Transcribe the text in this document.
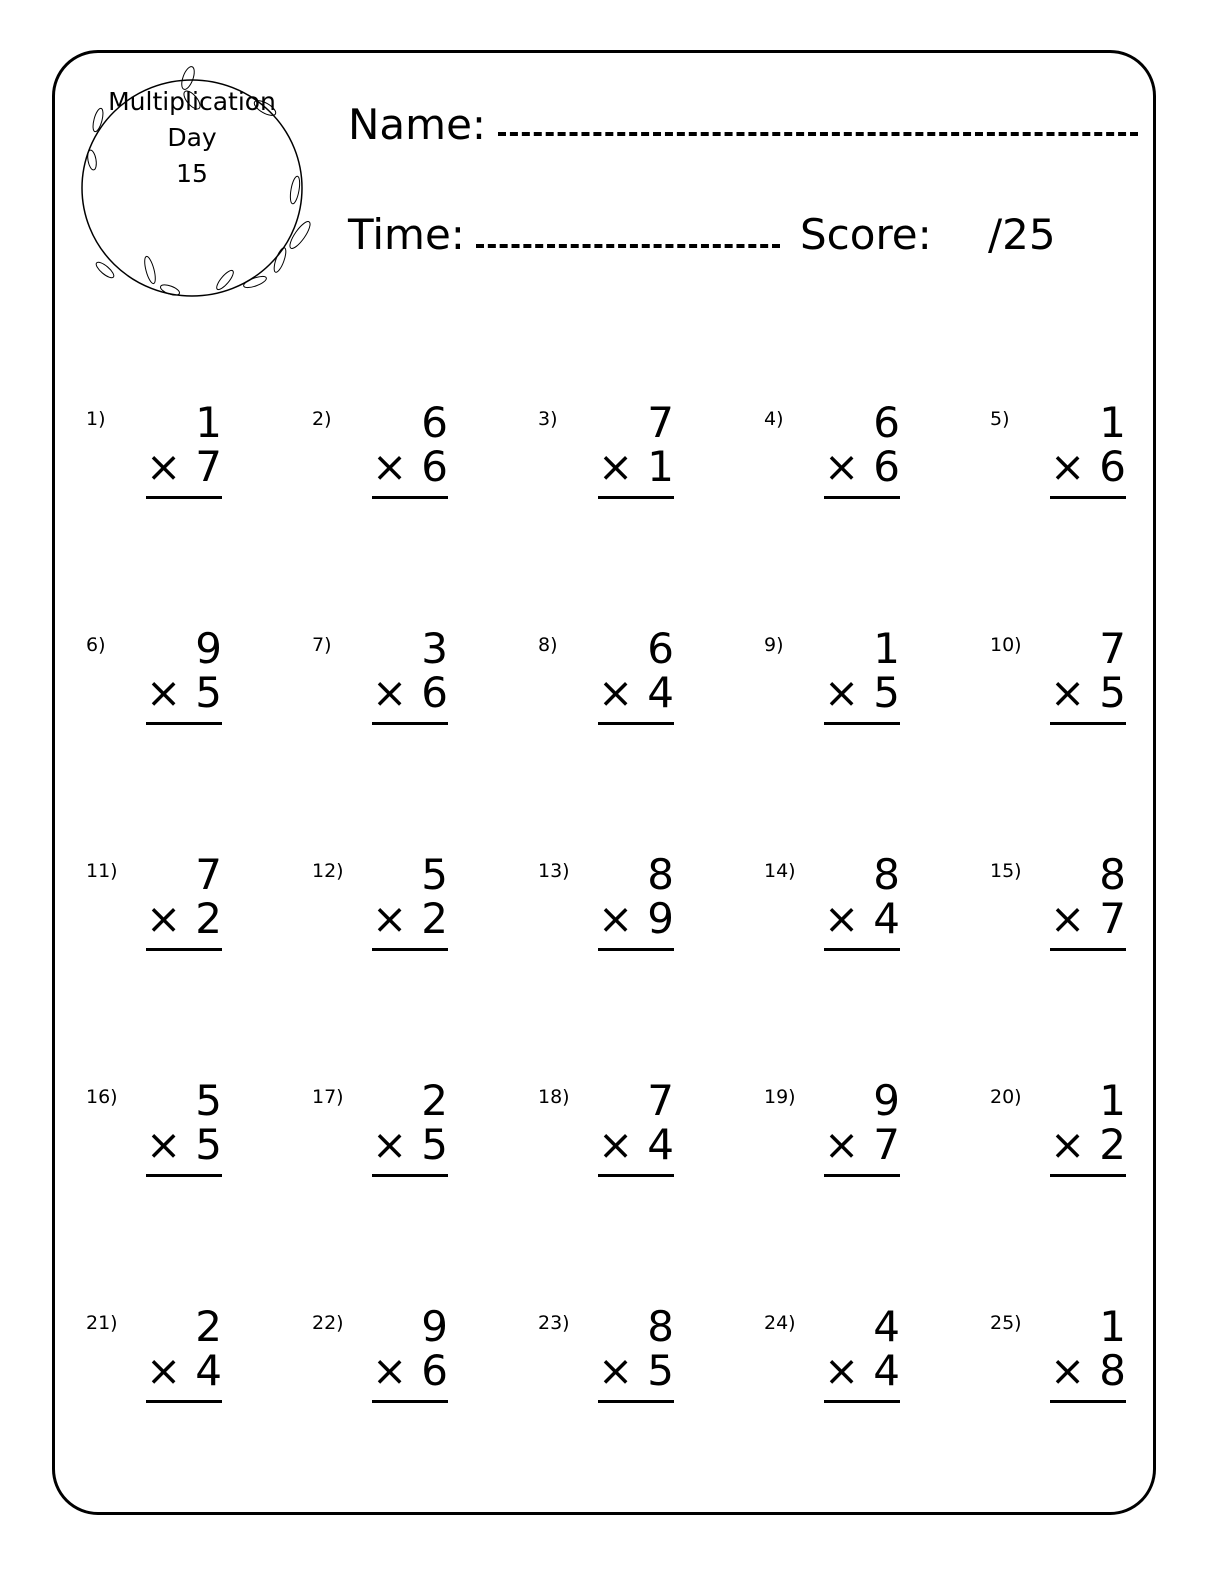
Multiplication
Day
15
Name:
Time:	Score: /25
1)	1
× 7
2)	6
× 6
3)	7
× 1
4)	6
× 6
5)	1
× 6
6)	9
× 5
7)	3
× 6
8)	6
× 4
9)	1
× 5
10)	7
× 5
11)	7
× 2
12)	5
× 2
13)	8
× 9
14)	8
× 4
15)	8
× 7
16)	5
× 5
17)	2
× 5
18)	7
× 4
19)	9
× 7
20)	1
× 2
21)	2
× 4
22)	9
× 6
23)	8
× 5
24)	4
× 4
25)	1
× 8
